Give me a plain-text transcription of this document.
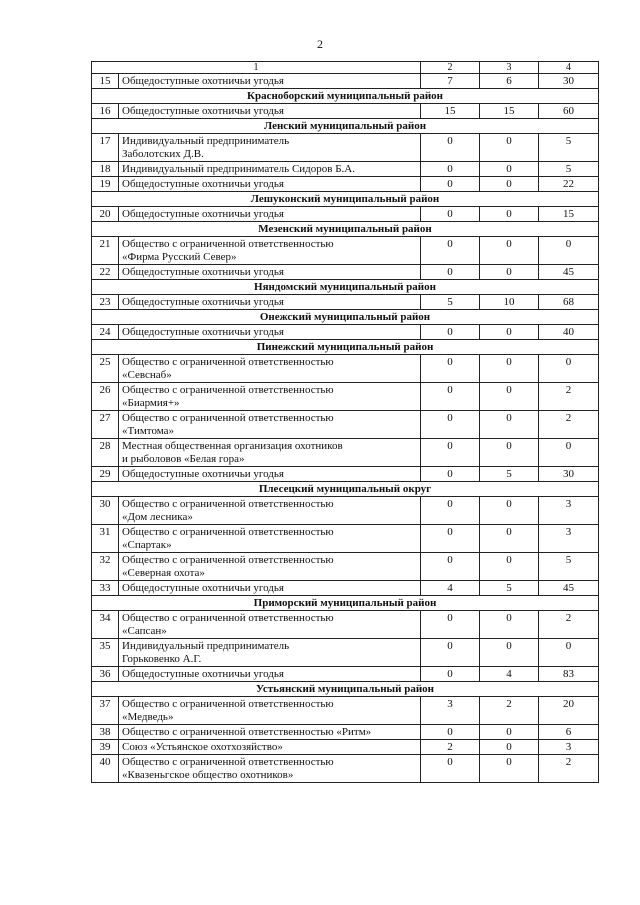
2
1		2	3	4
15	Общедоступные охотничьи угодья	7	6	30
Красноборский муниципальный район				
16	Общедоступные охотничьи угодья	15	15	60
Ленский муниципальный район				
17	Индивидуальный предприниматель
Заболотских Д.В.	0	0	5
18	Индивидуальный предприниматель Сидоров Б.А.	0	0	5
19	Общедоступные охотничьи угодья	0	0	22
Лешуконский муниципальный район				
20	Общедоступные охотничьи угодья	0	0	15
Мезенский муниципальный район				
21	Общество с ограниченной ответственностью
«Фирма Русский Север»	0	0	0
22	Общедоступные охотничьи угодья	0	0	45
Няндомский муниципальный район				
23	Общедоступные охотничьи угодья	5	10	68
Онежский муниципальный район				
24	Общедоступные охотничьи угодья	0	0	40
Пинежский муниципальный район				
25	Общество с ограниченной ответственностью
«Севснаб»	0	0	0
26	Общество с ограниченной ответственностью
«Биармия+»	0	0	2
27	Общество с ограниченной ответственностью
«Тимтома»	0	0	2
28	Местная общественная организация охотников
и рыболовов «Белая гора»	0	0	0
29	Общедоступные охотничьи угодья	0	5	30
Плесецкий муниципальный округ				
30	Общество с ограниченной ответственностью
«Дом лесника»	0	0	3
31	Общество с ограниченной ответственностью
«Спартак»	0	0	3
32	Общество с ограниченной ответственностью
«Северная охота»	0	0	5
33	Общедоступные охотничьи угодья	4	5	45
Приморский муниципальный район				
34	Общество с ограниченной ответственностью
«Сапсан»	0	0	2
35	Индивидуальный предприниматель
Горьковенко А.Г.	0	0	0
36	Общедоступные охотничьи угодья	0	4	83
Устьянский муниципальный район				
37	Общество с ограниченной ответственностью
«Медведь»	3	2	20
38	Общество с ограниченной ответственностью «Ритм»	0	0	6
39	Союз «Устьянское охотхозяйство»	2	0	3
40	Общество с ограниченной ответственностью
«Квазеньгское общество охотников»	0	0	2
